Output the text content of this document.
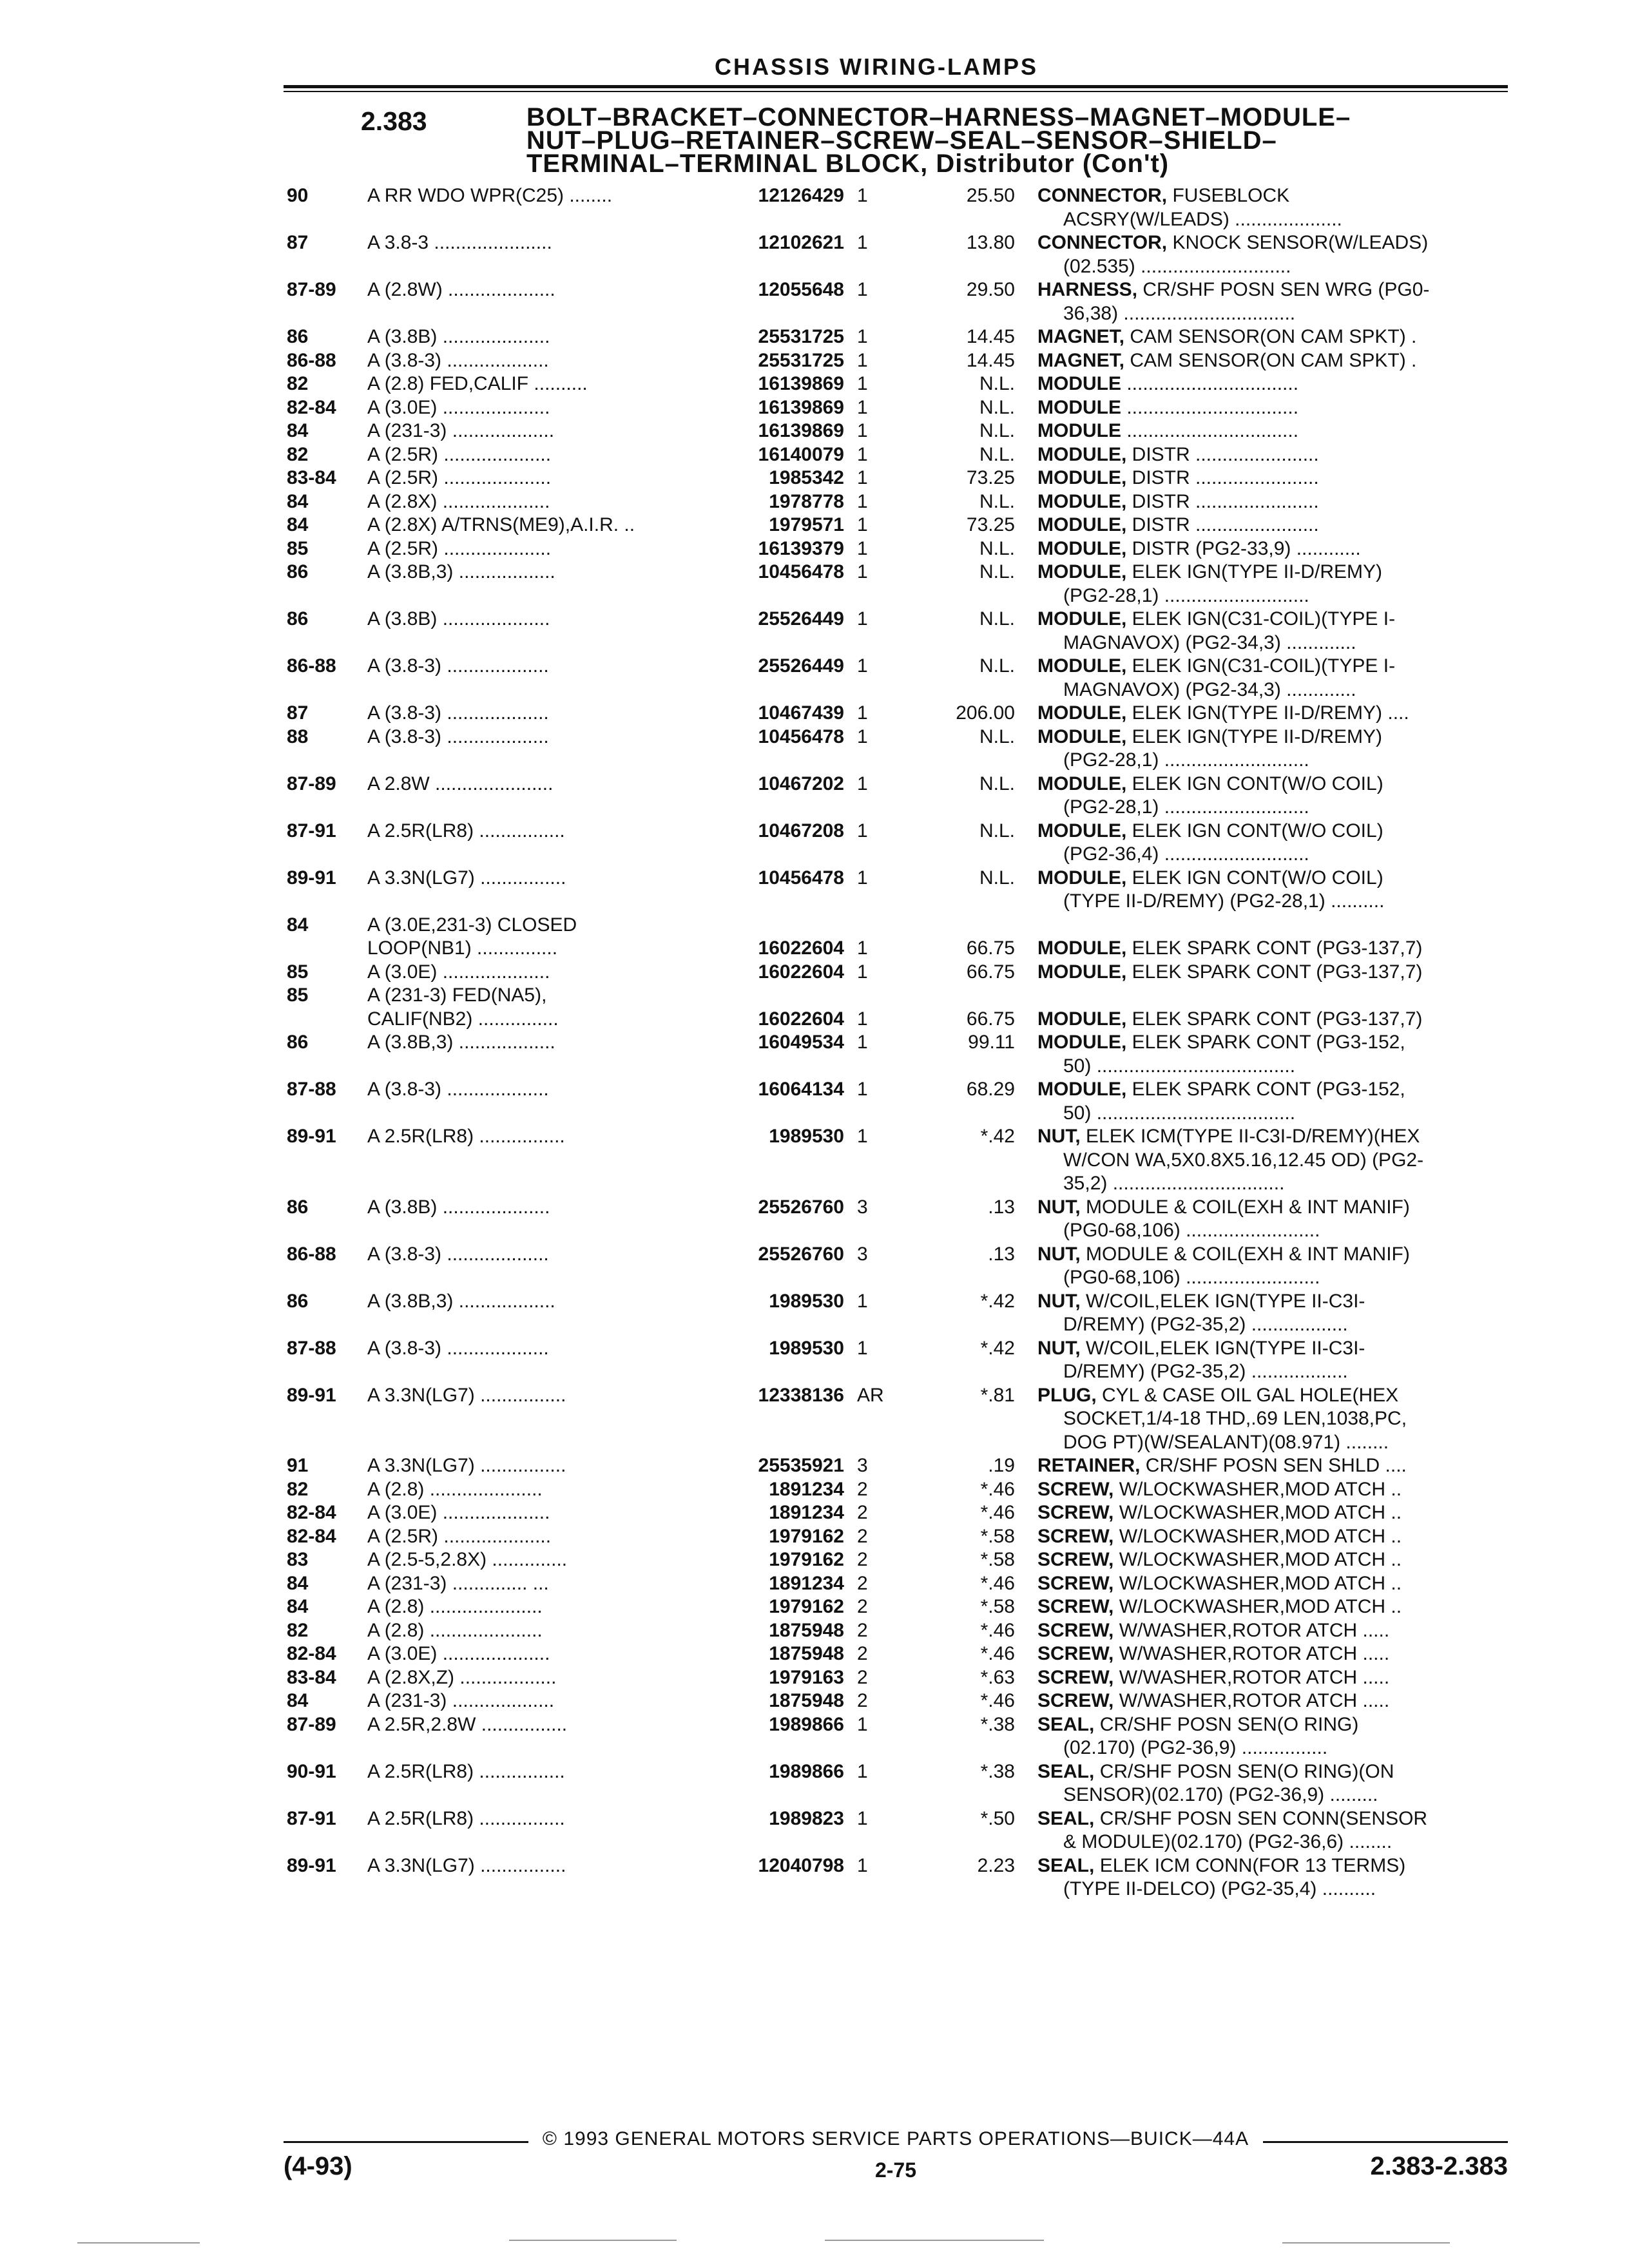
CHASSIS WIRING-LAMPS
2.383	BOLT–BRACKET–CONNECTOR–HARNESS–MAGNET–MODULE–
NUT–PLUG–RETAINER–SCREW–SEAL–SENSOR–SHIELD–
TERMINAL–TERMINAL BLOCK, Distributor (Con't)
90	A RR WDO WPR(C25) ........	12126429 1	25.50 CONNECTOR, FUSEBLOCK
ACSRY(W/LEADS) ....................
87	A 3.8-3 ......................	12102621 1	13.80 CONNECTOR, KNOCK SENSOR(W/LEADS)
(02.535) ............................
87-89	A (2.8W) ....................	12055648 1	29.50 HARNESS, CR/SHF POSN SEN WRG (PG0-
36,38) ................................
86	A (3.8B) ....................	25531725 1	14.45 MAGNET, CAM SENSOR(ON CAM SPKT) .
86-88	A (3.8-3) ...................	25531725 1	14.45 MAGNET, CAM SENSOR(ON CAM SPKT) .
82	A (2.8) FED,CALIF ..........	16139869 1	N.L. MODULE ................................
82-84	A (3.0E) ....................	16139869 1	N.L. MODULE ................................
84	A (231-3) ...................	16139869 1	N.L. MODULE ................................
82	A (2.5R) ....................	16140079 1	N.L. MODULE, DISTR .......................
83-84	A (2.5R) ....................	1985342 1	73.25 MODULE, DISTR .......................
84	A (2.8X) ....................	1978778 1	N.L. MODULE, DISTR .......................
84	A (2.8X) A/TRNS(ME9),A.I.R. ..	1979571 1	73.25 MODULE, DISTR .......................
85	A (2.5R) ....................	16139379 1	N.L. MODULE, DISTR (PG2-33,9) ............
86	A (3.8B,3) ..................	10456478 1	N.L. MODULE, ELEK IGN(TYPE II-D/REMY)
(PG2-28,1) ...........................
86	A (3.8B) ....................	25526449 1	N.L. MODULE, ELEK IGN(C31-COIL)(TYPE I-
MAGNAVOX) (PG2-34,3) .............
86-88	A (3.8-3) ...................	25526449 1	N.L. MODULE, ELEK IGN(C31-COIL)(TYPE I-
MAGNAVOX) (PG2-34,3) .............
87	A (3.8-3) ...................	10467439 1	206.00 MODULE, ELEK IGN(TYPE II-D/REMY) ....
88	A (3.8-3) ...................	10456478 1	N.L. MODULE, ELEK IGN(TYPE II-D/REMY)
(PG2-28,1) ...........................
87-89	A 2.8W ......................	10467202 1	N.L. MODULE, ELEK IGN CONT(W/O COIL)
(PG2-28,1) ...........................
87-91	A 2.5R(LR8) ................	10467208 1	N.L. MODULE, ELEK IGN CONT(W/O COIL)
(PG2-36,4) ...........................
89-91	A 3.3N(LG7) ................	10456478 1	N.L. MODULE, ELEK IGN CONT(W/O COIL)
(TYPE II-D/REMY) (PG2-28,1) ..........
84	A (3.0E,231-3) CLOSED
LOOP(NB1) ...............	16022604 1	66.75 MODULE, ELEK SPARK CONT (PG3-137,7)
85	A (3.0E) ....................	16022604 1	66.75 MODULE, ELEK SPARK CONT (PG3-137,7)
85	A (231-3) FED(NA5),
CALIF(NB2) ...............	16022604 1	66.75 MODULE, ELEK SPARK CONT (PG3-137,7)
86	A (3.8B,3) ..................	16049534 1	99.11 MODULE, ELEK SPARK CONT (PG3-152,
50) .....................................
87-88	A (3.8-3) ...................	16064134 1	68.29 MODULE, ELEK SPARK CONT (PG3-152,
50) .....................................
89-91	A 2.5R(LR8) ................	1989530 1	*.42 NUT, ELEK ICM(TYPE II-C3I-D/REMY)(HEX
W/CON WA,5X0.8X5.16,12.45 OD) (PG2-
35,2) ................................
86	A (3.8B) ....................	25526760 3	.13 NUT, MODULE & COIL(EXH & INT MANIF)
(PG0-68,106) .........................
86-88	A (3.8-3) ...................	25526760 3	.13 NUT, MODULE & COIL(EXH & INT MANIF)
(PG0-68,106) .........................
86	A (3.8B,3) ..................	1989530 1	*.42 NUT, W/COIL,ELEK IGN(TYPE II-C3I-
D/REMY) (PG2-35,2) ..................
87-88	A (3.8-3) ...................	1989530 1	*.42 NUT, W/COIL,ELEK IGN(TYPE II-C3I-
D/REMY) (PG2-35,2) ..................
89-91	A 3.3N(LG7) ................	12338136 AR	*.81 PLUG, CYL & CASE OIL GAL HOLE(HEX
SOCKET,1/4-18 THD,.69 LEN,1038,PC,
DOG PT)(W/SEALANT)(08.971) ........
91	A 3.3N(LG7) ................	25535921 3	.19 RETAINER, CR/SHF POSN SEN SHLD ....
82	A (2.8) .....................	1891234 2	*.46 SCREW, W/LOCKWASHER,MOD ATCH ..
82-84	A (3.0E) ....................	1891234 2	*.46 SCREW, W/LOCKWASHER,MOD ATCH ..
82-84	A (2.5R) ....................	1979162 2	*.58 SCREW, W/LOCKWASHER,MOD ATCH ..
83	A (2.5-5,2.8X) ..............	1979162 2	*.58 SCREW, W/LOCKWASHER,MOD ATCH ..
84	A (231-3) .............. ...	1891234 2	*.46 SCREW, W/LOCKWASHER,MOD ATCH ..
84	A (2.8) .....................	1979162 2	*.58 SCREW, W/LOCKWASHER,MOD ATCH ..
82	A (2.8) .....................	1875948 2	*.46 SCREW, W/WASHER,ROTOR ATCH .....
82-84	A (3.0E) ....................	1875948 2	*.46 SCREW, W/WASHER,ROTOR ATCH .....
83-84	A (2.8X,Z) ..................	1979163 2	*.63 SCREW, W/WASHER,ROTOR ATCH .....
84	A (231-3) ...................	1875948 2	*.46 SCREW, W/WASHER,ROTOR ATCH .....
87-89	A 2.5R,2.8W ................	1989866 1	*.38 SEAL, CR/SHF POSN SEN(O RING)
(02.170) (PG2-36,9) ................
90-91	A 2.5R(LR8) ................	1989866 1	*.38 SEAL, CR/SHF POSN SEN(O RING)(ON
SENSOR)(02.170) (PG2-36,9) .........
87-91	A 2.5R(LR8) ................	1989823 1	*.50 SEAL, CR/SHF POSN SEN CONN(SENSOR
& MODULE)(02.170) (PG2-36,6) ........
89-91	A 3.3N(LG7) ................	12040798 1	2.23 SEAL, ELEK ICM CONN(FOR 13 TERMS)
(TYPE II-DELCO) (PG2-35,4) ..........
© 1993 GENERAL MOTORS SERVICE PARTS OPERATIONS—BUICK—44A
(4-93)	2-75	2.383-2.383
